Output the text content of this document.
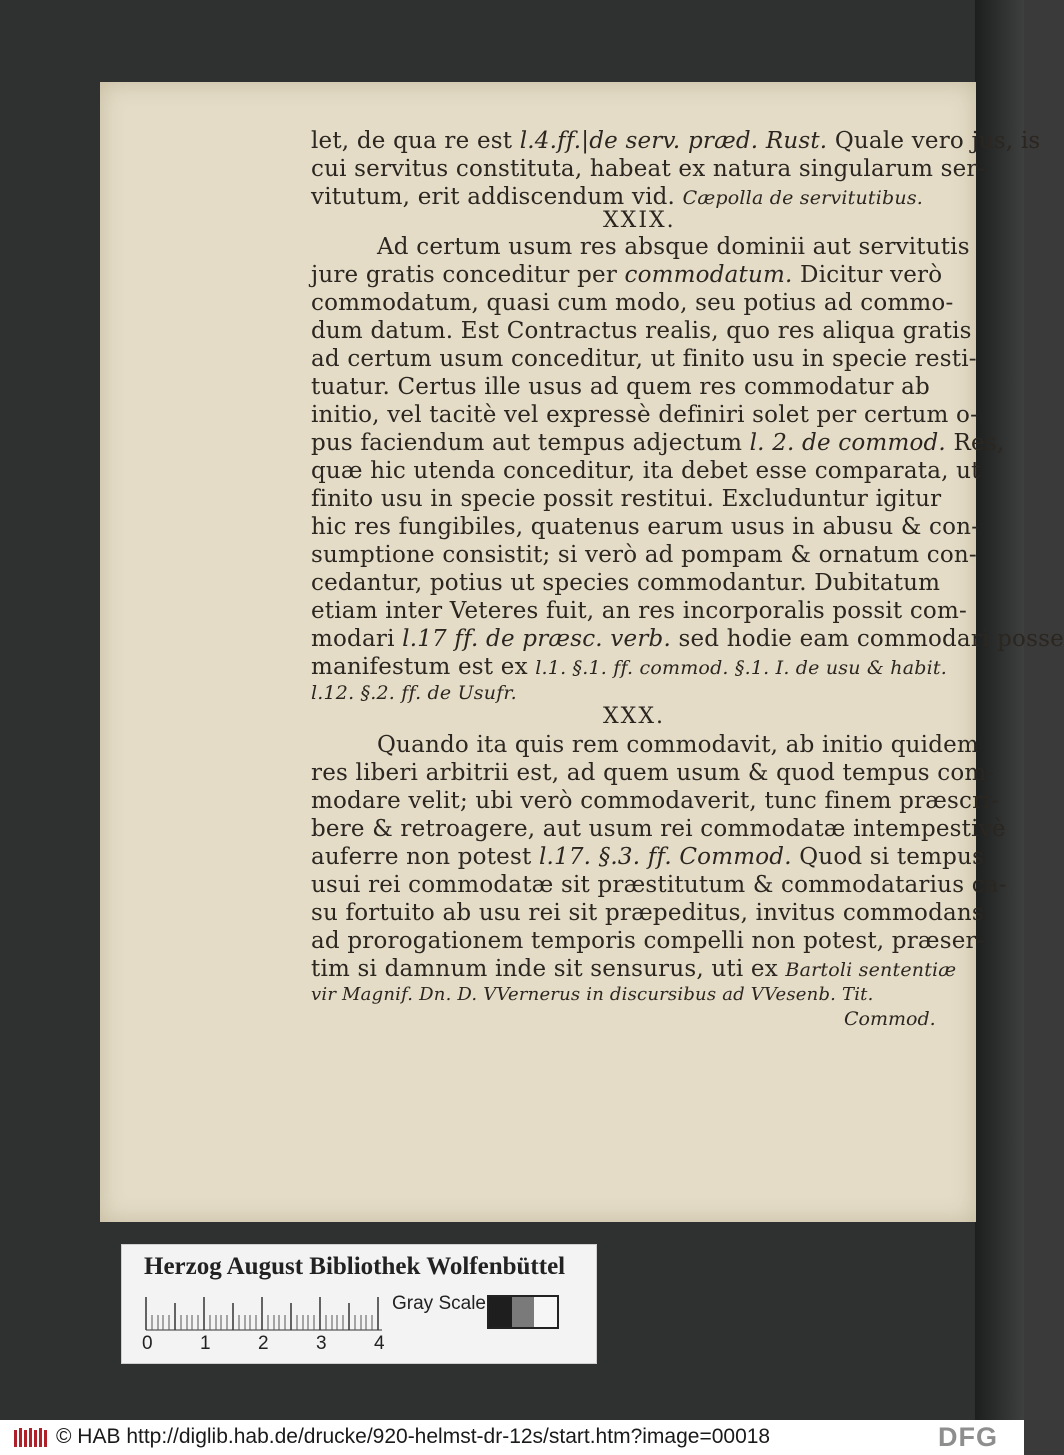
let, de qua re est l.4.ff.|de serv. præd. Rust. Quale vero jus, is
cui servitus constituta, habeat ex natura singularum ser-
vitutum, erit addiscendum vid. Cæpolla de servitutibus.
XXIX.
Ad certum usum res absque dominii aut servitutis
jure gratis conceditur per commodatum. Dicitur verò
commodatum, quasi cum modo, seu potius ad commo-
dum datum. Est Contractus realis, quo res aliqua gratis
ad certum usum conceditur, ut finito usu in specie resti-
tuatur. Certus ille usus ad quem res commodatur ab
initio, vel tacitè vel expressè definiri solet per certum o-
pus faciendum aut tempus adjectum l. 2. de commod. Res,
quæ hic utenda conceditur, ita debet esse comparata, ut
finito usu in specie possit restitui. Excluduntur igitur
hic res fungibiles, quatenus earum usus in abusu & con-
sumptione consistit; si verò ad pompam & ornatum con-
cedantur, potius ut species commodantur. Dubitatum
etiam inter Veteres fuit, an res incorporalis possit com-
modari l.17 ff. de præsc. verb. sed hodie eam commodari posse
manifestum est ex l.1. §.1. ff. commod. §.1. I. de usu & habit.
l.12. §.2. ff. de Usufr.
XXX.
Quando ita quis rem commodavit, ab initio quidem
res liberi arbitrii est, ad quem usum & quod tempus com-
modare velit; ubi verò commodaverit, tunc finem præscri-
bere & retroagere, aut usum rei commodatæ intempestivè
auferre non potest l.17. §.3. ff. Commod. Quod si tempus
usui rei commodatæ sit præstitutum & commodatarius ca-
su fortuito ab usu rei sit præpeditus, invitus commodans
ad prorogationem temporis compelli non potest, præser-
tim si damnum inde sit sensurus, uti ex Bartoli sententiæ
vir Magnif. Dn. D. VVernerus in discursibus ad VVesenb. Tit.
Commod.
Herzog August Bibliothek Wolfenbüttel
0 1 2 3 4
Gray Scale
© HAB http://diglib.hab.de/drucke/920-helmst-dr-12s/start.htm?image=00018	DFG
